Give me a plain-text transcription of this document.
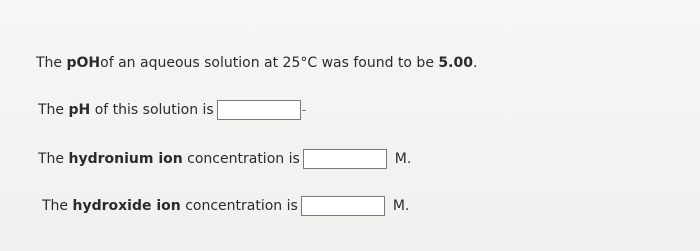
The
pOH of an aqueous solution at 25°C was found to be
5.00 .
The
pH
of this solution is
The
hydronium ion
concentration is	M.
The
hydroxide ion
concentration is	M.
